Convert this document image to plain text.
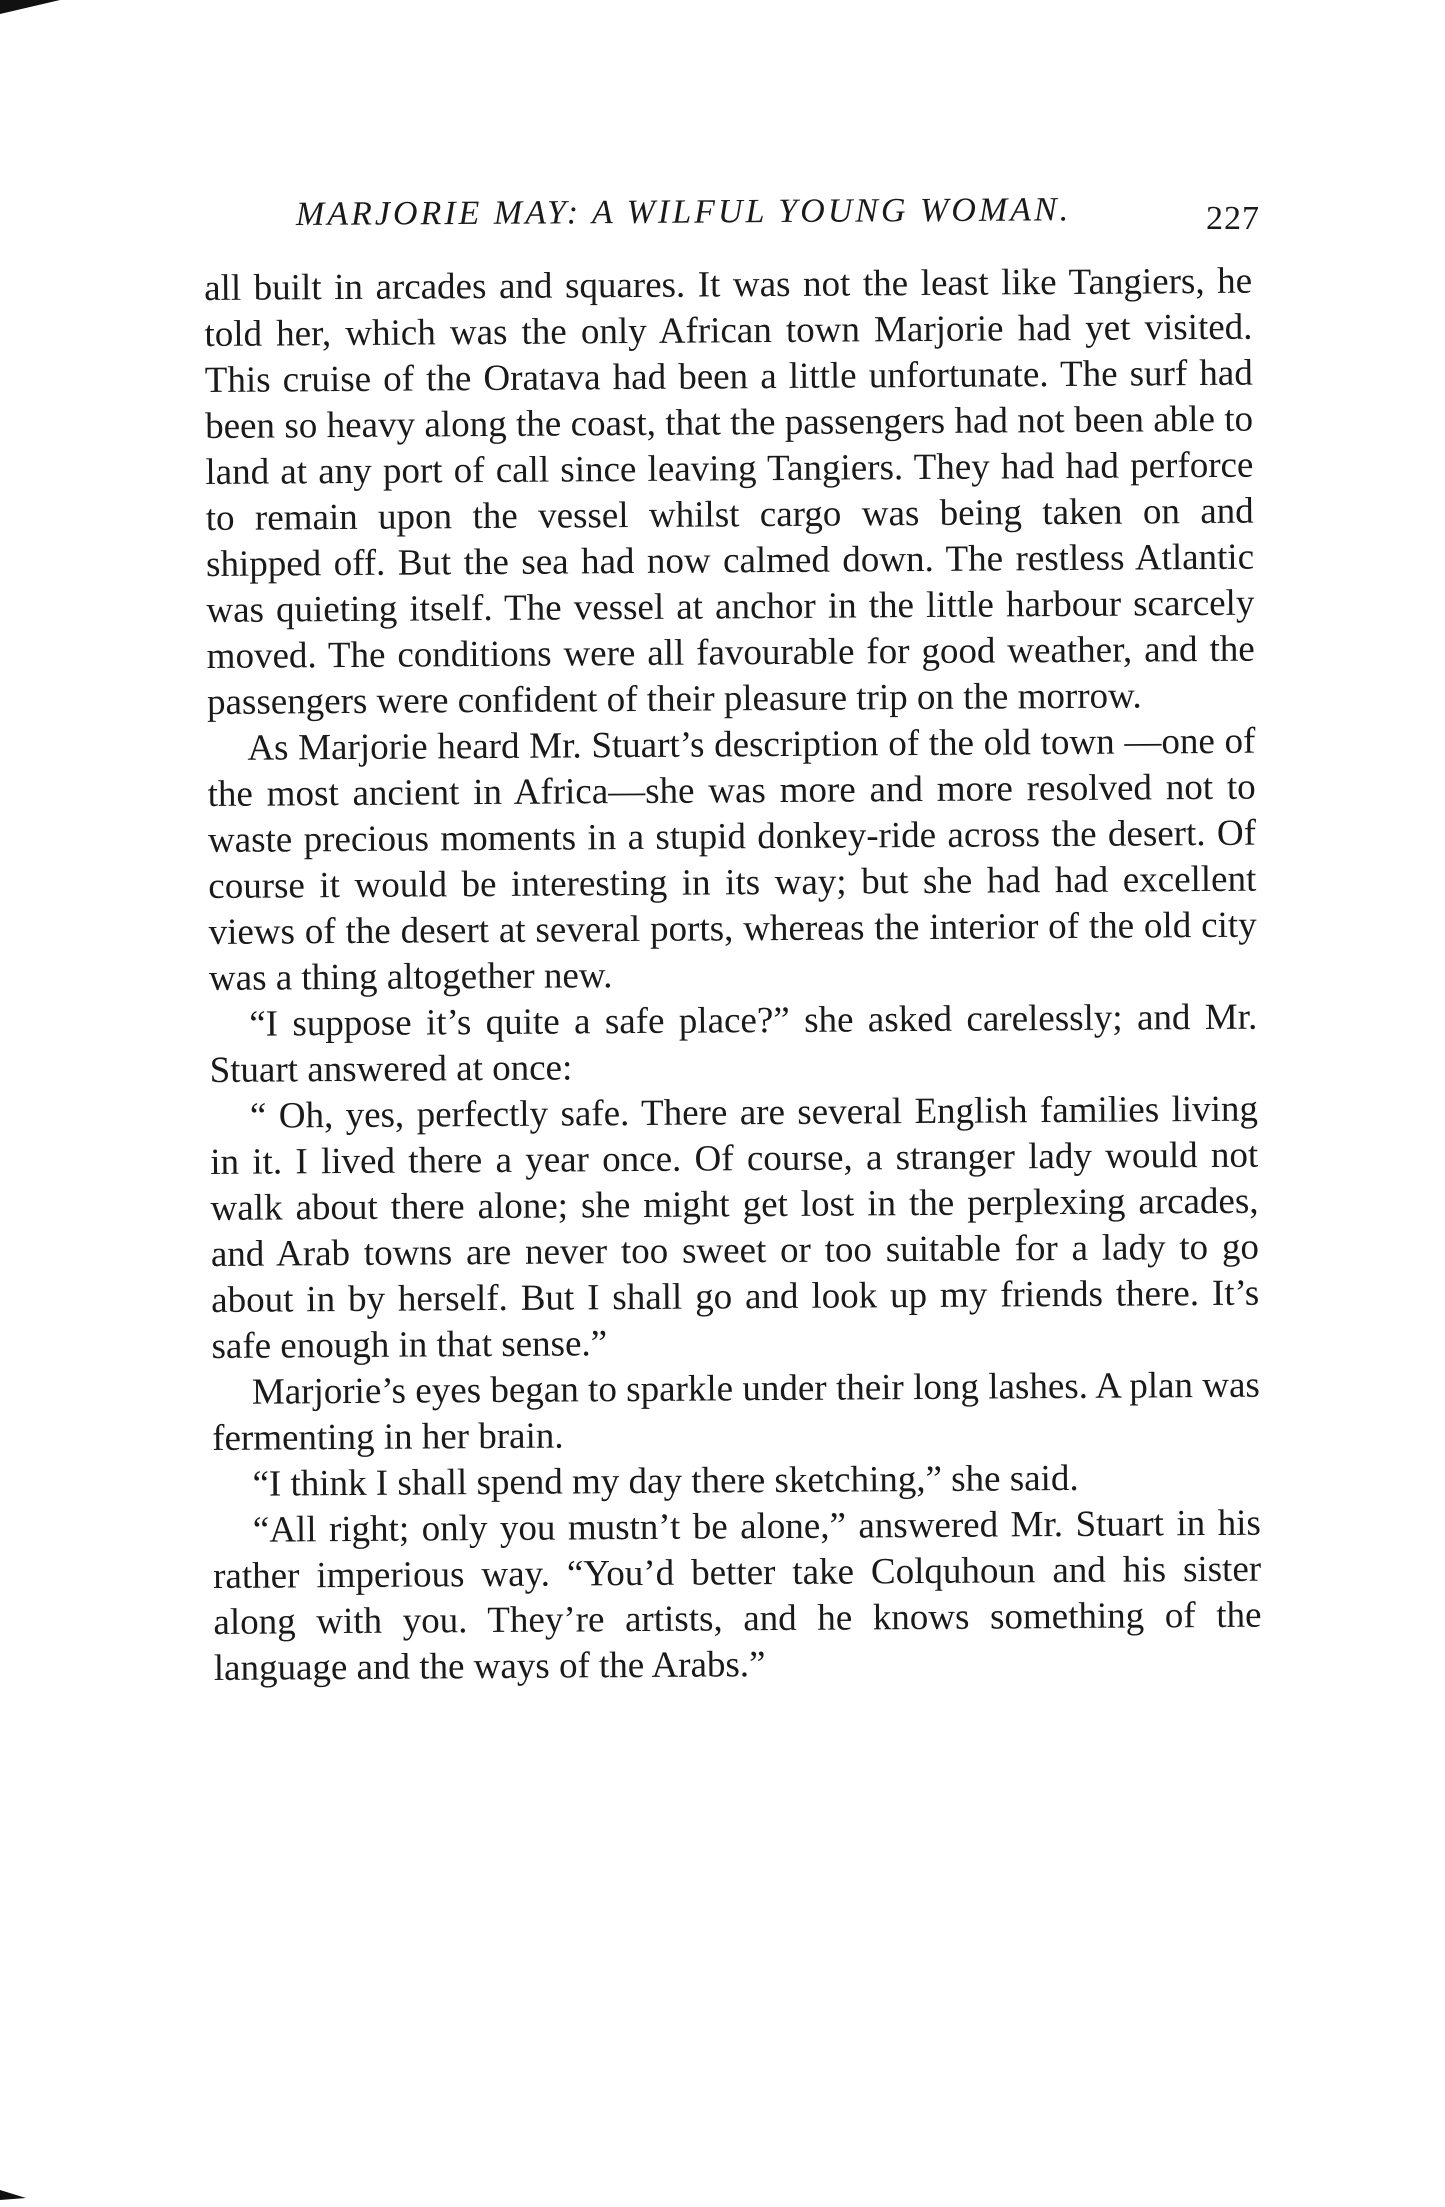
MARJORIE MAY: A WILFUL YOUNG WOMAN.	227

all built in arcades and squares. It was not the least like Tangiers, he told her, which was the only African town Marjorie had yet visited. This cruise of the Oratava had been a little unfortunate. The surf had been so heavy along the coast, that the passengers had not been able to land at any port of call since leaving Tangiers. They had had perforce to remain upon the vessel whilst cargo was being taken on and shipped off. But the sea had now calmed down. The restless Atlantic was quieting itself. The vessel at anchor in the little harbour scarcely moved. The conditions were all favourable for good weather, and the passengers were confident of their pleasure trip on the morrow.

As Marjorie heard Mr. Stuart’s description of the old town —one of the most ancient in Africa—she was more and more resolved not to waste precious moments in a stupid donkey-ride across the desert. Of course it would be interesting in its way; but she had had excellent views of the desert at several ports, whereas the interior of the old city was a thing altogether new.

“I suppose it’s quite a safe place?” she asked carelessly; and Mr. Stuart answered at once:

“ Oh, yes, perfectly safe. There are several English families living in it. I lived there a year once. Of course, a stranger lady would not walk about there alone; she might get lost in the perplexing arcades, and Arab towns are never too sweet or too suitable for a lady to go about in by herself. But I shall go and look up my friends there. It’s safe enough in that sense.”

Marjorie’s eyes began to sparkle under their long lashes. A plan was fermenting in her brain.

“I think I shall spend my day there sketching,” she said.

“All right; only you mustn’t be alone,” answered Mr. Stuart in his rather imperious way. “You’d better take Colquhoun and his sister along with you. They’re artists, and he knows something of the language and the ways of the Arabs.”
